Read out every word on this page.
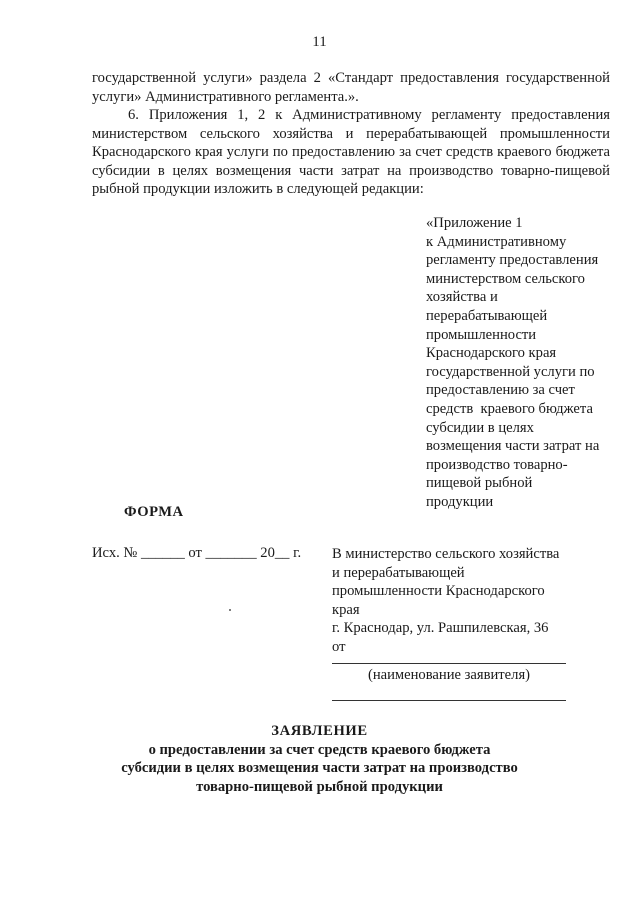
11

государственной услуги» раздела 2 «Стандарт предоставления государственной услуги» Административного регламента.».

6. Приложения 1, 2 к Административному регламенту предоставления министерством сельского хозяйства и перерабатывающей промышленности Краснодарского края услуги по предоставлению за счет средств краевого бюджета субсидии в целях возмещения части затрат на производство товарно-пищевой рыбной продукции изложить в следующей редакции:

«Приложение 1
к Административному
регламенту предоставления
министерством сельского
хозяйства и
перерабатывающей
промышленности
Краснодарского края
государственной услуги по
предоставлению за счет
средств  краевого бюджета
субсидии в целях
возмещения части затрат на
производство товарно-
пищевой рыбной
продукции
ФОРМА
Исх. № ______ от _______ 20__ г. В министерство сельского хозяйства
и перерабатывающей
промышленности Краснодарского
края
г. Краснодар, ул. Рашпилевская, 36
от
(наименование заявителя)
ЗАЯВЛЕНИЕ
о предоставлении за счет средств краевого бюджета
субсидии в целях возмещения части затрат на производство
товарно-пищевой рыбной продукции
